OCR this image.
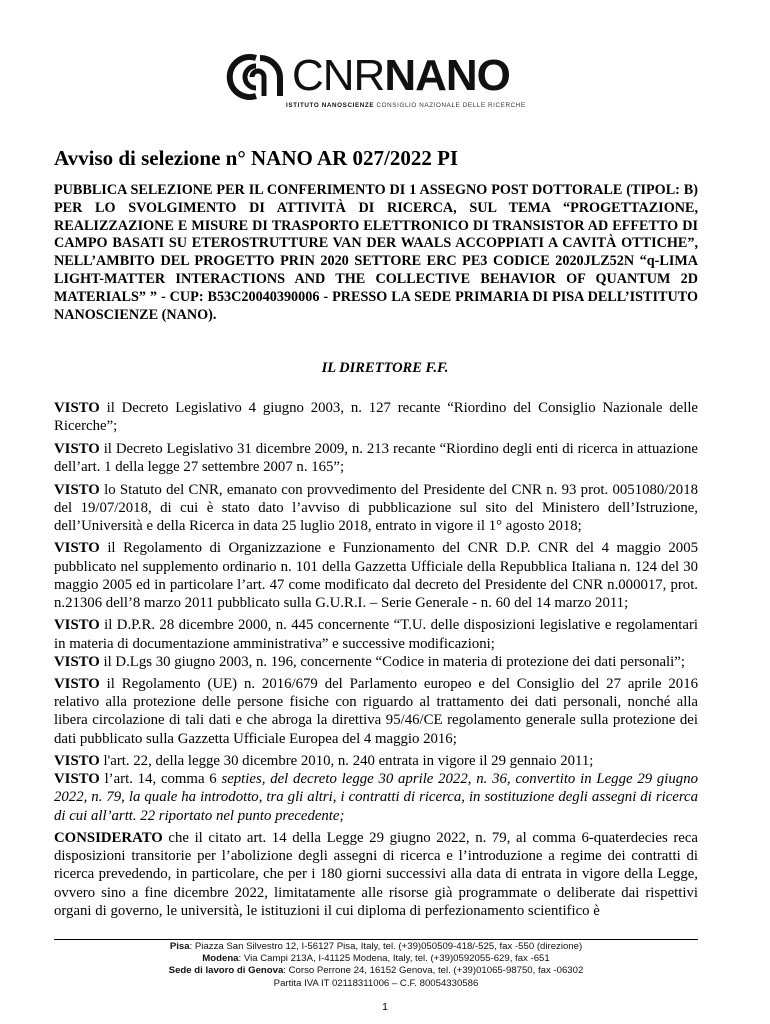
CNRNANO
ISTITUTO NANOSCIENZE CONSIGLIO NAZIONALE DELLE RICERCHE
Avviso di selezione n° NANO AR 027/2022 PI
PUBBLICA SELEZIONE PER IL CONFERIMENTO DI 1 ASSEGNO POST DOTTORALE (TIPOL: B) PER LO SVOLGIMENTO DI ATTIVITÀ DI RICERCA, SUL TEMA “PROGETTAZIONE, REALIZZAZIONE E MISURE DI TRASPORTO ELETTRONICO DI TRANSISTOR AD EFFETTO DI CAMPO BASATI SU ETEROSTRUTTURE VAN DER WAALS ACCOPPIATI A CAVITÀ OTTICHE”, NELL’AMBITO DEL PROGETTO PRIN 2020 SETTORE ERC PE3 CODICE 2020JLZ52N “q-LIMA LIGHT-MATTER INTERACTIONS AND THE COLLECTIVE BEHAVIOR OF QUANTUM 2D MATERIALS” ” - CUP: B53C20040390006 - PRESSO LA SEDE PRIMARIA DI PISA DELL’ISTITUTO NANOSCIENZE (NANO).
IL DIRETTORE F.F.

VISTO il Decreto Legislativo 4 giugno 2003, n. 127 recante “Riordino del Consiglio Nazionale delle Ricerche”;

VISTO il Decreto Legislativo 31 dicembre 2009, n. 213 recante “Riordino degli enti di ricerca in attuazione dell’art. 1 della legge 27 settembre 2007 n. 165”;

VISTO lo Statuto del CNR, emanato con provvedimento del Presidente del CNR n. 93 prot. 0051080/2018 del 19/07/2018, di cui è stato dato l’avviso di pubblicazione sul sito del Ministero dell’Istruzione, dell’Università e della Ricerca in data 25 luglio 2018, entrato in vigore il 1° agosto 2018;

VISTO il Regolamento di Organizzazione e Funzionamento del CNR D.P. CNR del 4 maggio 2005 pubblicato nel supplemento ordinario n. 101 della Gazzetta Ufficiale della Repubblica Italiana n. 124 del 30 maggio 2005 ed in particolare l’art. 47 come modificato dal decreto del Presidente del CNR n.000017, prot. n.21306 dell’8 marzo 2011 pubblicato sulla G.U.R.I. – Serie Generale - n. 60 del 14 marzo 2011;

VISTO il D.P.R. 28 dicembre 2000, n. 445 concernente “T.U. delle disposizioni legislative e regolamentari in materia di documentazione amministrativa” e successive modificazioni;

VISTO il D.Lgs 30 giugno 2003, n. 196, concernente “Codice in materia di protezione dei dati personali”;

VISTO il Regolamento (UE) n. 2016/679 del Parlamento europeo e del Consiglio del 27 aprile 2016 relativo alla protezione delle persone fisiche con riguardo al trattamento dei dati personali, nonché alla libera circolazione di tali dati e che abroga la direttiva 95/46/CE regolamento generale sulla protezione dei dati pubblicato sulla Gazzetta Ufficiale Europea del 4 maggio 2016;

VISTO l'art. 22, della legge 30 dicembre 2010, n. 240 entrata in vigore il 29 gennaio 2011;

VISTO l’art. 14, comma 6 septies, del decreto legge 30 aprile 2022, n. 36, convertito in Legge 29 giugno 2022, n. 79, la quale ha introdotto, tra gli altri, i contratti di ricerca, in sostituzione degli assegni di ricerca di cui all’artt. 22 riportato nel punto precedente;

CONSIDERATO che il citato art. 14 della Legge 29 giugno 2022, n. 79, al comma 6-quaterdecies reca disposizioni transitorie per l’abolizione degli assegni di ricerca e l’introduzione a regime dei contratti di ricerca prevedendo, in particolare, che per i 180 giorni successivi alla data di entrata in vigore della Legge, ovvero sino a fine dicembre 2022, limitatamente alle risorse già programmate o deliberate dai rispettivi organi di governo, le università, le istituzioni il cui diploma di perfezionamento scientifico è

Pisa: Piazza San Silvestro 12, I-56127 Pisa, Italy, tel. (+39)050509-418/-525, fax -550 (direzione)
Modena: Via Campi 213A, I-41125 Modena, Italy, tel. (+39)0592055-629, fax -651
Sede di lavoro di Genova: Corso Perrone 24, 16152 Genova, tel. (+39)01065-98750, fax -06302
Partita IVA IT 02118311006 – C.F. 80054330586
1
